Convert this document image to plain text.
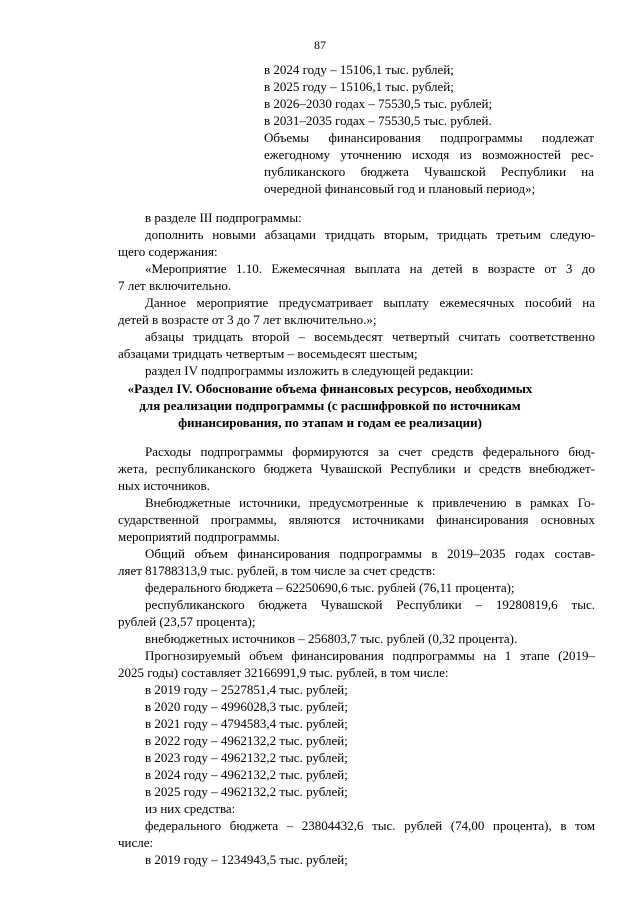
87
в 2024 году – 15106,1 тыс. рублей;
в 2025 году – 15106,1 тыс. рублей;
в 2026–2030 годах – 75530,5 тыс. рублей;
в 2031–2035 годах – 75530,5 тыс. рублей.
Объемы финансирования подпрограммы подлежат
ежегодному уточнению исходя из возможностей рес-
публиканского бюджета Чувашской Республики на
очередной финансовый год и плановый период»;
в разделе III подпрограммы:
дополнить новыми абзацами тридцать вторым, тридцать третьим следую-
щего содержания:
«Мероприятие 1.10. Ежемесячная выплата на детей в возрасте от 3 до
7 лет включительно.
Данное мероприятие предусматривает выплату ежемесячных пособий на
детей в возрасте от 3 до 7 лет включительно.»;
абзацы тридцать второй – восемьдесят четвертый считать соответственно
абзацами тридцать четвертым – восемьдесят шестым;
раздел IV подпрограммы изложить в следующей редакции:
«Раздел IV. Обоснование объема финансовых ресурсов, необходимых
для реализации подпрограммы (с расшифровкой по источникам
финансирования, по этапам и годам ее реализации)
Расходы подпрограммы формируются за счет средств федерального бюд-
жета, республиканского бюджета Чувашской Республики и средств внебюджет-
ных источников.
Внебюджетные источники, предусмотренные к привлечению в рамках Го-
сударственной программы, являются источниками финансирования основных
мероприятий подпрограммы.
Общий объем финансирования подпрограммы в 2019–2035 годах состав-
ляет 81788313,9 тыс. рублей, в том числе за счет средств:
федерального бюджета – 62250690,6 тыс. рублей (76,11 процента);
республиканского бюджета Чувашской Республики – 19280819,6 тыс.
рублей (23,57 процента);
внебюджетных источников – 256803,7 тыс. рублей (0,32 процента).
Прогнозируемый объем финансирования подпрограммы на 1 этапе (2019–
2025 годы) составляет 32166991,9 тыс. рублей, в том числе:
в 2019 году – 2527851,4 тыс. рублей;
в 2020 году – 4996028,3 тыс. рублей;
в 2021 году – 4794583,4 тыс. рублей;
в 2022 году – 4962132,2 тыс. рублей;
в 2023 году – 4962132,2 тыс. рублей;
в 2024 году – 4962132,2 тыс. рублей;
в 2025 году – 4962132,2 тыс. рублей;
из них средства:
федерального бюджета – 23804432,6 тыс. рублей (74,00 процента), в том
числе:
в 2019 году – 1234943,5 тыс. рублей;
